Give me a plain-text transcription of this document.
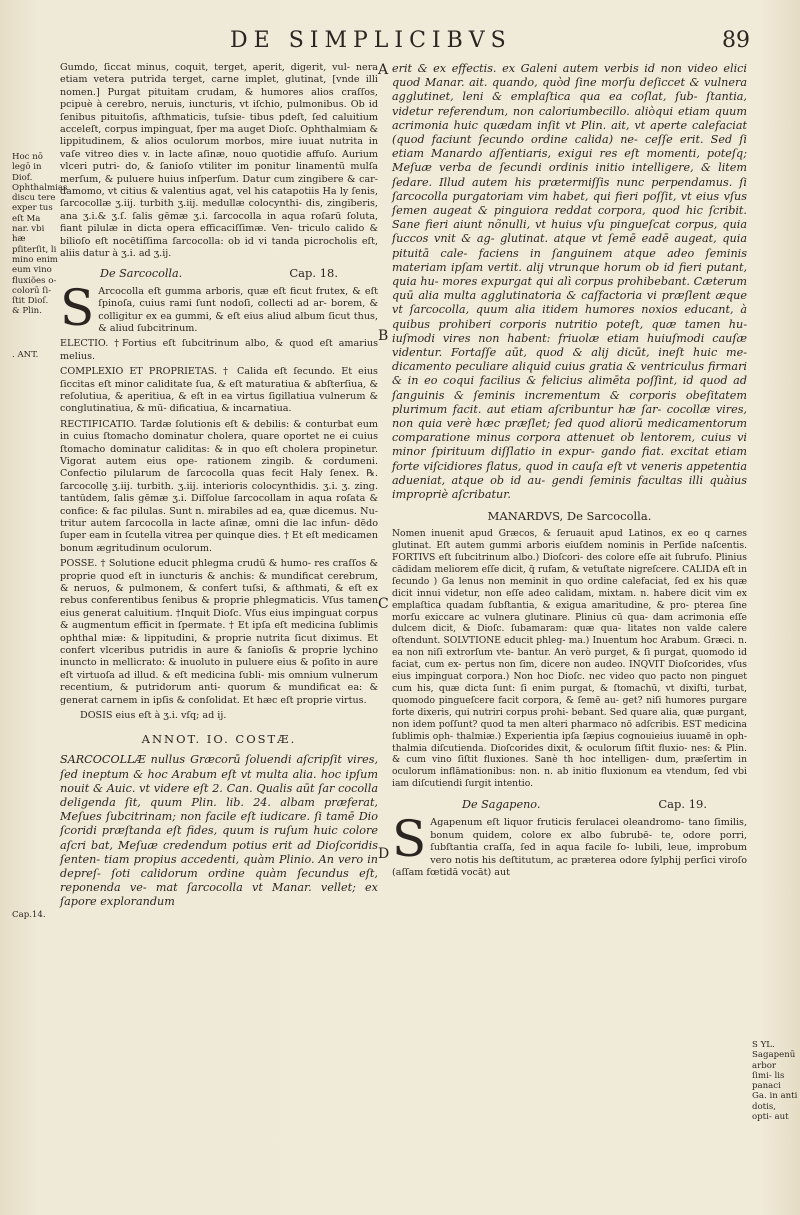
DE SIMPLICIBVS	89
Hoc nō legō in Diof. Ophthalmias discu tere exper tus eſt Ma nar. vbi hæ pſiterſit, li mino enim eum vino fluxiões o- colorū ſi- ſtit Dioſ. & Plin.
. ANT.
Cap.14.
A
B
C
D

Gumdo, ſiccat minus, coquit, terget, aperit, digerit, vul- nera etiam vetera putrida terget, carne implet, glutinat, [vnde illi nomen.] Purgat pituitam crudam, & humores alios craſſos, pcipuè à cerebro, neruis, iuncturis, vt iſchio, pulmonibus. Ob id ſenibus pituitoſis, aſthmaticis, tuſsie- tibus pdeſt, ſed caluitium acceleſt, corpus impinguat, ſper ma auget Dioſc. Ophthalmiam & lippitudinem, & alios oculorum morbos, mire iuuat nutrita in vaſe vitreo dies v. in lacte aſinæ, nouo quotidie affuſo. Aurium vlceri putri- do, & ſanioſo vtiliter im ponitur linamentū mulſa merſum, & puluere huius inſperſum. Datur cum zingibere & car- damomo, vt citius & valentius agat, vel his catapotiis Ha ly ſenis, ſarcocollæ ʒ.iij. turbith ʒ.iij. medullæ colocynthi- dis, zingiberis, ana ʒ.i.& ʒ.ſ. ſalis gēmæ ʒ.i. ſarcocolla in aqua roſarū ſoluta, fiant pilulæ in dicta opera efficaciſſimæ. Ven- triculo calido & bilioſo eſt nocētiſſima ſarcocolla: ob id vi tanda picrocholis eſt, aliis datur à ʒ.i. ad ʒ.ij.

De Sarcocolla.	Cap. 18.

S Arcocolla eſt gumma arboris, quæ eſt ficut frutex, & eſt ſpinoſa, cuius rami ſunt nodoſi, collecti ad ar- borem, & colligitur ex ea gummi, & eſt eius aliud album ſicut thus, & aliud ſubcitrinum.

ELECTIO. †Fortius eſt ſubcitrinum albo, & quod eſt amarius melius.

COMPLEXIO ET PROPRIETAS. † Calida eſt ſecundo. Et eius ſiccitas eſt minor caliditate ſua, & eſt maturatiua & abſterſiua, & reſolutiua, & aperitiua, & eſt in ea virtus ſigillatiua vulnerum & conglutinatiua, & mū- dificatiua, & incarnatiua.

RECTIFICATIO. Tardæ ſolutionis eſt & debilis: & conturbat eum in cuius ſtomacho dominatur cholera, quare oportet ne ei cuius ſtomacho dominatur caliditas: & in quo eſt cholera propinetur. Vigorat autem eius ope- rationem zingib. & cordumeni. Confectio pilularum de ſarcocolla quas fecit Haly ſenex. ℞. ſarcocollę ʒ.iij. turbith. ʒ.iij. interioris colocynthidis. ʒ.i. ʒ. zing. tantūdem, ſalis gēmæ ʒ.i. Diſſolue ſarcocollam in aqua roſata & confice: & fac pilulas. Sunt n. mirabiles ad ea, quæ dicemus. Nu- tritur autem ſarcocolla in lacte aſinæ, omni die lac infun- dēdo ſuper eam in ſcutella vitrea per quinque dies. † Et eſt medicamen bonum ægritudinum oculorum.

POSSE. † Solutione educit phlegma crudū & humo- res craſſos & proprie quod eſt in iuncturis & anchis: & mundificat cerebrum, & neruos, & pulmonem, & confert tuſsi, & aſthmati, & eſt ex rebus conferentibus ſenibus & proprie phlegmaticis. Vſus tamen eius generat caluitium. †Inquit Dioſc. Vſus eius impinguat corpus & augmentum efficit in ſpermate. † Et ipſa eſt medicina ſublimis ophthal miæ: & lippitudini, & proprie nutrita ſicut diximus. Et confert vlceribus putridis in aure & ſanioſis & proprie lychino inuncto in mellicrato: & inuoluto in puluere eius & poſito in aure eſt virtuoſa ad illud. & eſt medicina ſubli- mis omnium vulnerum recentium, & putridorum anti- quorum & mundificat ea: & generat carnem in ipſis & conſolidat. Et hæc eſt proprie virtus.

DOSIS eius eſt à ʒ.i. vſq; ad ij.

ANNOT. IO. COSTÆ.

SARCOCOLLÆ nullus Græcorū ſoluendi aſcripſit vires, ſed ineptum & hoc Arabum eſt vt multa alia. hoc ipſum nouit & Auic. vt videre eſt 2. Can. Qualis aūt ſar cocolla deligenda ſit, quum Plin. lib. 24. albam præferat, Meſues ſubcitrinam; non facile eſt iudicare. ſi tamē Dio ſcoridi præſtanda eſt fides, quum is ruſum huic colore aſcri bat, Meſuæ credendum potius erit ad Dioſcoridis ſenten- tiam propius accedenti, quàm Plinio. An vero in depreſ- ſoti calidorum ordine quàm ſecundus eſt, reponenda ve- mat ſarcocolla vt Manar. vellet; ex ſapore explorandum

erit & ex effectis. ex Galeni autem verbis id non video elici quod Manar. ait. quando, quòd ſine morſu deſiccet & vulnera agglutinet, leni & emplaſtica qua ea coſlat, ſub- ſtantia, videtur referendum, non caloriumbecillo. aliòqui etiam quum acrimonia huic quædam inſit vt Plin. ait, vt aperte calefaciat (quod faciunt ſecundo ordine calida) ne- ceſſe erit. Sed ſi etiam Manardo aſſentiaris, exigui res eſt momenti, poteſq; Meſuæ verba de ſecundi ordinis initio intelligere, & litem ſedare. Illud autem his prætermiſſis nunc perpendamus. ſi ſarcocolla purgatoriam vim habet, qui fieri poſſit, vt eius vſus ſemen augeat & pinguiora reddat corpora, quod hic ſcribit. Sane fieri aiunt nõnulli, vt huius vſu pingueſcat corpus, quia ſuccos vnit & ag- glutinat. atque vt ſemē eadē augeat, quia pituitā cale- faciens in ſanguinem atque adeo ſeminis materiam ipſam vertit. alij vtrunque horum ob id fieri putant, quia hu- mores expurgat qui alì corpus prohibebant. Cæterum quū alia multa agglutinatoria & caſfactoria vi præſlent æque vt ſarcocolla, quum alia itidem humores noxios educant, à quibus prohiberi corporis nutritio poteſt, quæ tamen hu- iuſmodi vires non habent: friuolæ etiam huiuſmodi cauſæ videntur. Fortaſſe aūt, quod & alij dicūt, ineſt huic me- dicamento peculiare aliquid cuius gratia & ventriculus firmari & in eo coqui facilius & felicius alimēta poſſint, id quod ad ſanguinis & ſeminis incrementum & corporis obeſitatem plurimum facit. aut etiam aſcribuntur hæ ſar- cocollæ vires, non quia verè hæc præſlet; ſed quod aliorū medicamentorum comparatione minus corpora attenuet ob lentorem, cuius vi minor ſpirituum diſſlatio in expur- gando fiat. excitat etiam forte viſcidiores flatus, quod in cauſa eſt vt veneris appetentia adueniat, atque ob id au- gendi ſeminis facultas illi quàius impropriè aſcribatur.

MANARDVS, De Sarcocolla.

Nomen inuenit apud Græcos, & ſeruauit apud Latinos, ex eo q carnes glutinat. Eſt autem gummi arboris eiuſdem nominis in Perſide naſcentis. FORTIVS eſt ſubcitrinum albo.) Dioſcori- des colore eſſe ait ſubrufo. Plinius cādidam meliorem eſſe dicit, q̃ rufam, & vetuſtate nigreſcere. CALIDA eſt in ſecundo ) Ga lenus non meminit in quo ordine calefaciat, ſed ex his quæ dicit innui videtur, non eſſe adeo calidam, mixtam. n. habere dicit vim ex emplaſtica quadam ſubſtantia, & exigua amaritudine, & pro- pterea ſine morſu exiccare ac vulnera glutinare. Plinius cū qua- dam acrimonia eſſe dulcem dicit, & Dioſc. ſubamaram: quæ qua- litates non valde calere oſtendunt. SOLVTIONE educit phleg- ma.) Inuentum hoc Arabum. Græci. n. ea non niſi extrorſum vte- bantur. An verò purget, & ſi purgat, quomodo id faciat, cum ex- pertus non ſim, dicere non audeo. INQVIT Dioſcorides, vſus eius impinguat corpora.) Non hoc Dioſc. nec video quo pacto non pinguet cum his, quæ dicta ſunt: ſi enim purgat, & ſtomachū, vt dixiſti, turbat, quomodo pingueſcere facit corpora, & ſemē au- get? niſi humores purgare forte dixeris, qui nutriri corpus prohi- bebant. Sed quare alia, quæ purgant, non idem poſſunt? quod ta men alteri pharmaco nō adſcribis. EST medicina ſublimis oph- thalmiæ.) Experientia ipſa ſæpius cognouieius iuuamē in oph- thalmia diſcutienda. Dioſcorides dixit, & oculorum ſiſtit fluxio- nes: & Plin. & cum vino ſiſtit fluxiones. Sanè th hoc intelligen- dum, præſertim in oculorum inflāmationibus: non. n. ab initio fluxionum ea vtendum, ſed vbi iam diſcutiendi ſurgit intentio.

De Sagapeno.	Cap. 19.

S Agapenum eſt liquor fruticis ferulacei oleandromo- tano ſimilis, bonum quidem, colore ex albo ſubrubē- te, odore porri, ſubſtantia craſſa, ſed in aqua facile ſo- lubili, leue, improbum vero notis his deſtitutum, ac præterea odore ſylphij perſici viroſo (aſſam fœtidā vocāt) aut

S YL. Sagapenū arbor ſimi- lis panaci Ga. in anti dotis, opti- aut
